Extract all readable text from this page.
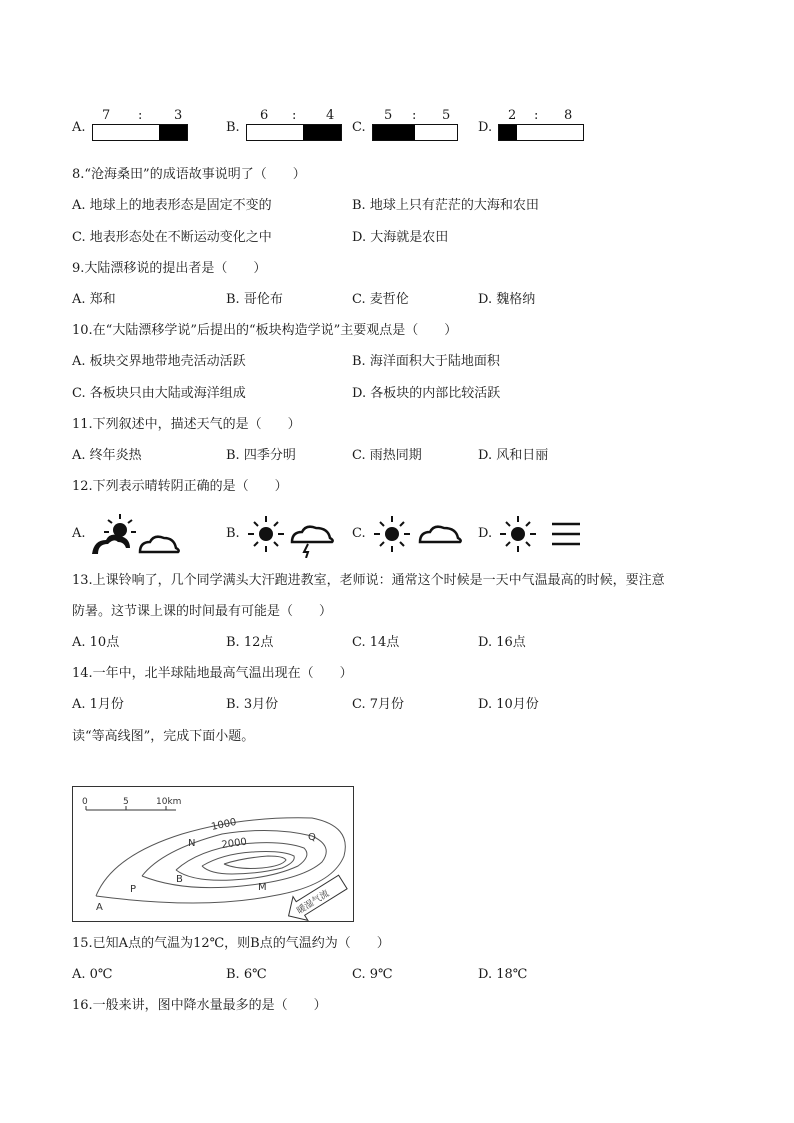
A.
7 : 3
B.
6 : 4
C.
5 : 5
D.
2 : 8
8.“沧海桑田”的成语故事说明了（　　）
A. 地球上的地表形态是固定不变的	B. 地球上只有茫茫的大海和农田
C. 地表形态处在不断运动变化之中	D. 大海就是农田
9.大陆漂移说的提出者是（　　）
A. 郑和	B. 哥伦布	C. 麦哲伦	D. 魏格纳
10.在“大陆漂移学说”后提出的“板块构造学说”主要观点是（　　）
A. 板块交界地带地壳活动活跃	B. 海洋面积大于陆地面积
C. 各板块只由大陆或海洋组成	D. 各板块的内部比较活跃
11.下列叙述中，描述天气的是（　　）
A. 终年炎热	B. 四季分明	C. 雨热同期	D. 风和日丽
12.下列表示晴转阴正确的是（　　）
A.	B.	C.	D.
13.上课铃响了，几个同学满头大汗跑进教室，老师说：通常这个时候是一天中气温最高的时候，要注意
防暑。这节课上课的时间最有可能是（　　）
A. 10点	B. 12点	C. 14点	D. 16点
14.一年中，北半球陆地最高气温出现在（　　）
A. 1月份	B. 3月份	C. 7月份	D. 10月份
读“等高线图”，完成下面小题。
0	5	10km
1000
2000
N
Q
B
M
P
A	暖湿气流
15.已知A点的气温为12℃，则B点的气温约为（　　）
A. 0℃	B. 6℃	C. 9℃	D. 18℃
16.一般来讲，图中降水量最多的是（　　）
